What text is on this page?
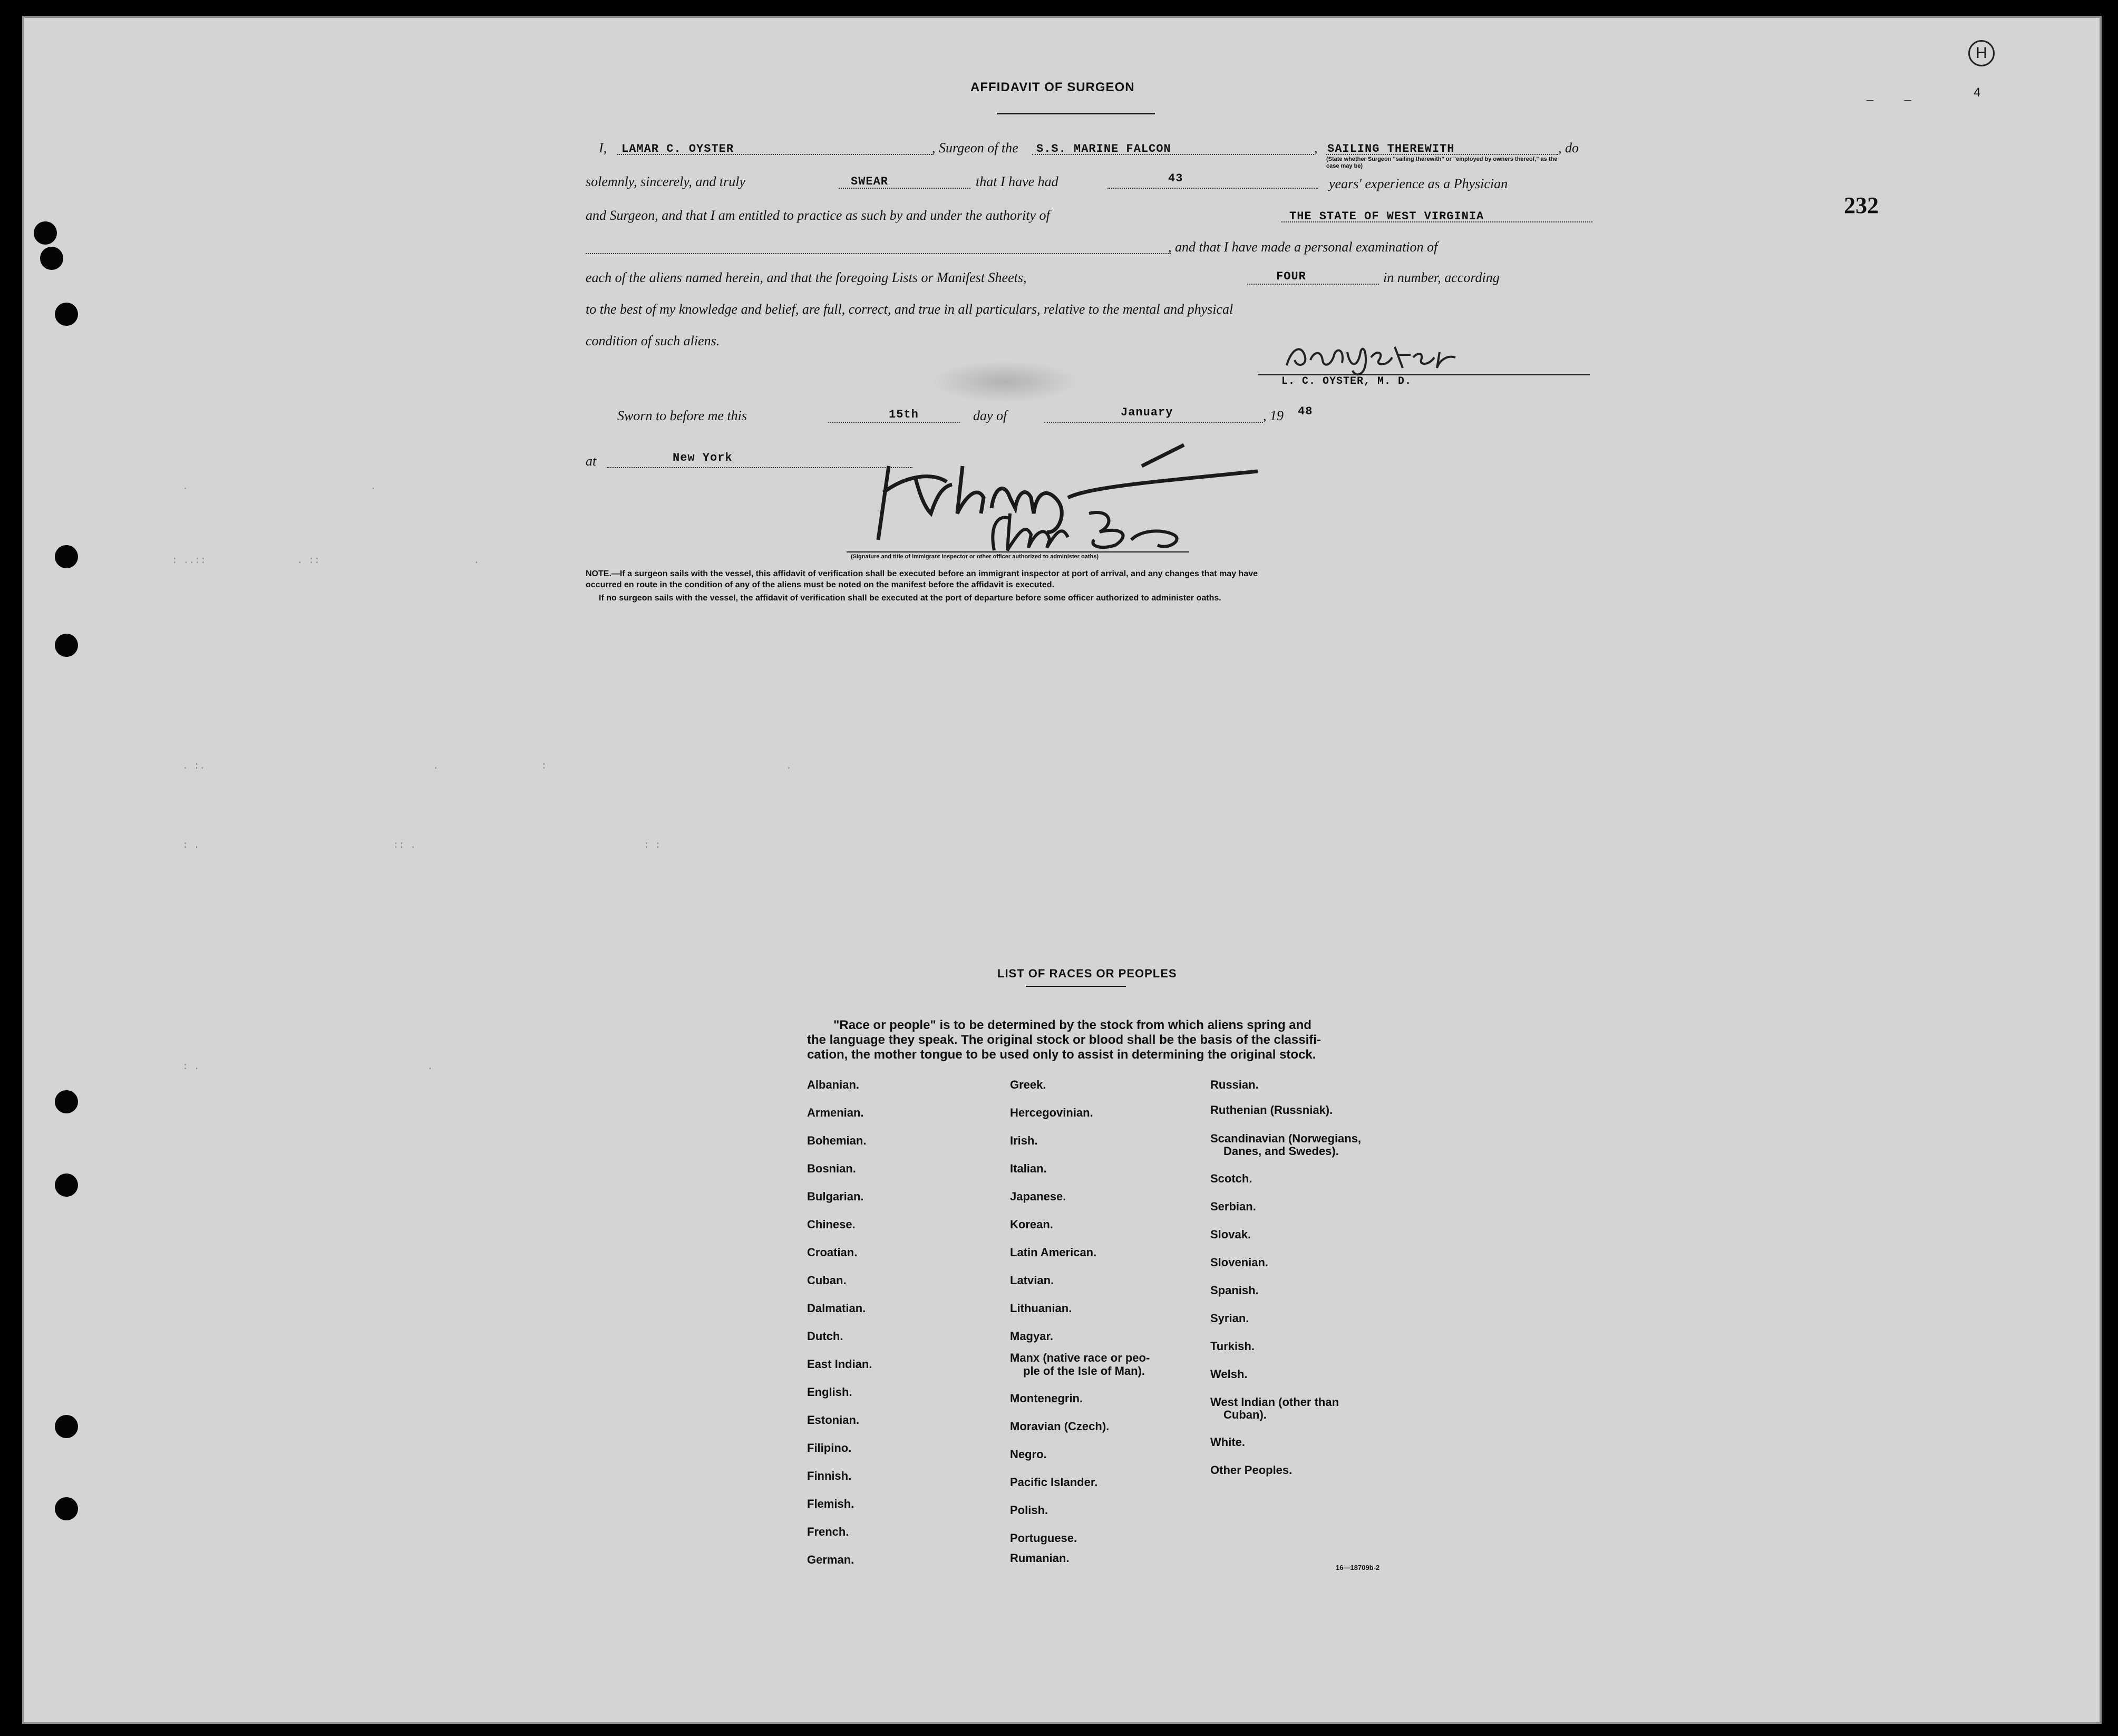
H
4
–         –
232
AFFIDAVIT OF SURGEON
I, LAMAR C. OYSTER	, Surgeon of the S.S. MARINE FALCON	, SAILING THEREWITH	, do
(State whether Surgeon "sailing therewith" or "employed by owners thereof," as the case may be)
solemnly, sincerely, and truly	SWEAR	that I have had	43	years' experience as a Physician
and Surgeon, and that I am entitled to practice as such by and under the authority of	THE STATE OF WEST VIRGINIA
, and that I have made a personal examination of
each of the aliens named herein, and that the foregoing Lists or Manifest Sheets,	FOUR	in number, according
to the best of my knowledge and belief, are full, correct, and true in all particulars, relative to the mental and physical
condition of such aliens.
L. C. OYSTER, M. D.
Sworn to before me this	15th	day of	January	, 19 48
at	New York
(Signature and title of immigrant inspector or other officer authorized to administer oaths)
NOTE.—If a surgeon sails with the vessel, this affidavit of verification shall be executed before an immigrant inspector at port of arrival, and any changes that may have
occurred en route in the condition of any of the aliens must be noted on the manifest before the affidavit is executed.
If no surgeon sails with the vessel, the affidavit of verification shall be executed at the port of departure before some officer authorized to administer oaths.
.                                .
: ..::                . ::                           .
. :.                                        .                  :                                          .
: .                                  :: .                                        : :
: .                                        .
LIST OF RACES OR PEOPLES
"Race or people" is to be determined by the stock from which aliens spring and
the language they speak. The original stock or blood shall be the basis of the classifi-
cation, the mother tongue to be used only to assist in determining the original stock.
Albanian.
Armenian.
Bohemian.
Bosnian.
Bulgarian.
Chinese.
Croatian.
Cuban.
Dalmatian.
Dutch.
East Indian.
English.
Estonian.
Filipino.
Finnish.
Flemish.
French.
German.
Greek.
Hercegovinian.
Irish.
Italian.
Japanese.
Korean.
Latin American.
Latvian.
Lithuanian.
Magyar.
Manx (native race or peo-
ple of the Isle of Man).
Montenegrin.
Moravian (Czech).
Negro.
Pacific Islander.
Polish.
Portuguese.
Rumanian.
Russian.
Ruthenian (Russniak).
Scandinavian (Norwegians,
Danes, and Swedes).
Scotch.
Serbian.
Slovak.
Slovenian.
Spanish.
Syrian.
Turkish.
Welsh.
West Indian (other than
Cuban).
White.
Other Peoples.
16—18709b-2
